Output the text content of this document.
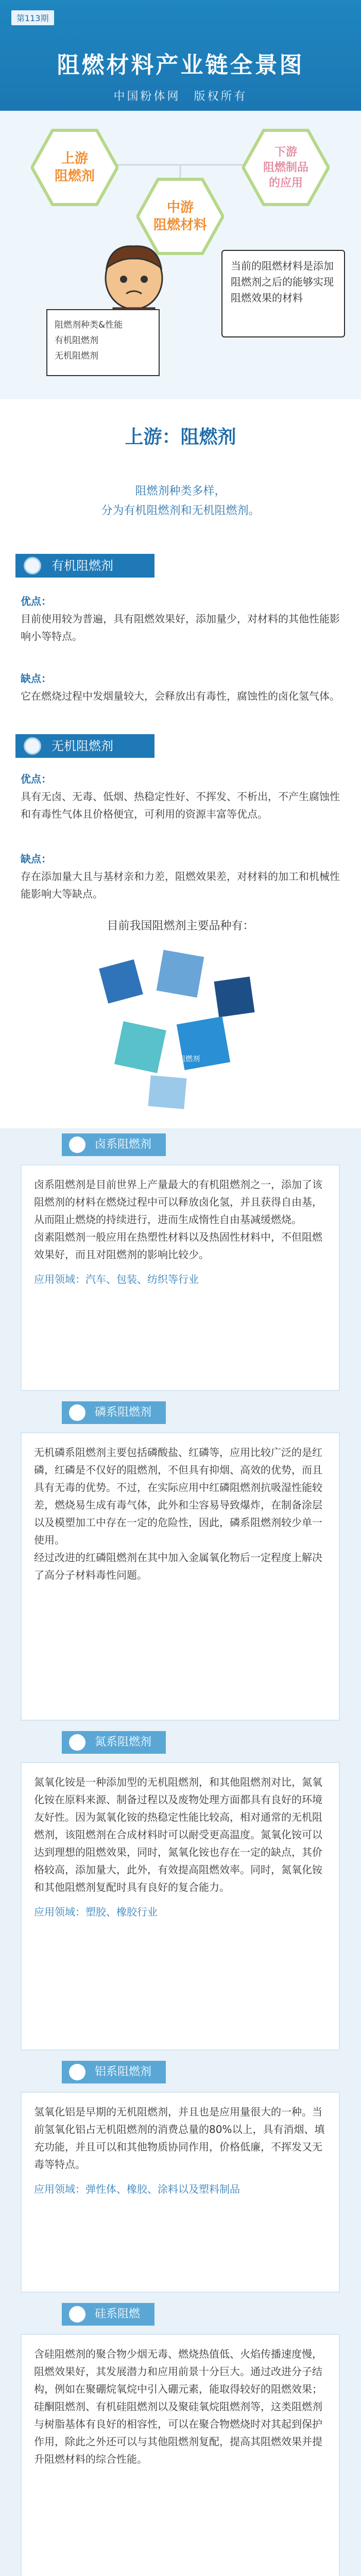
第113期
阻燃材料产业链全景图
中国粉体网　版权所有
上游
阻燃剂
中游
阻燃材料
下游
阻燃制品
的应用
阻燃剂种类&性能
有机阻燃剂
无机阻燃剂
当前的阻燃材料是添加阻燃剂之后的能够实现阻燃效果的材料
上游：阻燃剂
阻燃剂种类多样，
分为有机阻燃剂和无机阻燃剂。
有机阻燃剂
优点：
目前使用较为普遍，具有阻燃效果好，添加量少，对材料的其他性能影响小等特点。
缺点：
它在燃烧过程中发烟量较大，会释放出有毒性，腐蚀性的卤化氢气体。
无机阻燃剂
优点：
具有无卤、无毒、低烟、热稳定性好、不挥发、不析出，不产生腐蚀性和有毒性气体且价格便宜，可利用的资源丰富等优点。
缺点：
存在添加量大且与基材亲和力差，阻燃效果差，对材料的加工和机械性能影响大等缺点。
目前我国阻燃剂主要品种有：
卤系阻燃剂
卤系阻燃剂
卤系阻燃剂是目前世界上产量最大的有机阻燃剂之一，添加了该阻燃剂的材料在燃烧过程中可以释放卤化氢，并且获得自由基，从而阻止燃烧的持续进行，进而生成惰性自由基减缓燃烧。
卤素阻燃剂一般应用在热塑性材料以及热固性材料中，不但阻燃效果好，而且对阻燃剂的影响比较少。
应用领域：汽车、包装、纺织等行业
磷系阻燃剂
无机磷系阻燃剂主要包括磷酸盐、红磷等，应用比较广泛的是红磷，红磷是不仅好的阻燃剂，不但具有抑烟、高效的优势，而且具有无毒的优势。不过，在实际应用中红磷阻燃剂抗吸湿性能较差，燃烧易生成有毒气体，此外和尘容易导致爆炸，在制备涂层以及模塑加工中存在一定的危险性，因此，磷系阻燃剂较少单一使用。
经过改进的红磷阻燃剂在其中加入金属氧化物后一定程度上解决了高分子材料毒性问题。
氮系阻燃剂
氮氧化铵是一种添加型的无机阻燃剂，和其他阻燃剂对比，氮氧化铵在原料来源、制备过程以及废物处理方面都具有良好的环境友好性。因为氮氧化铵的热稳定性能比较高，相对通常的无机阻燃剂，该阻燃剂在合成材料时可以耐受更高温度。氮氧化铵可以达到理想的阻燃效果，同时，氮氧化铵也存在一定的缺点，其价格较高，添加量大，此外，有效提高阻燃效率。同时，氮氧化铵和其他阻燃剂复配时具有良好的复合能力。
应用领域：塑胶、橡胶行业
铝系阻燃剂
氢氧化铝是早期的无机阻燃剂，并且也是应用量很大的一种。当前氢氧化铝占无机阻燃剂的消费总量的80%以上，具有消烟、填充功能，并且可以和其他物质协同作用，价格低廉，不挥发又无毒等特点。
应用领域：弹性体、橡胶、涂料以及塑料制品
硅系阻燃
含硅阻燃剂的聚合物少烟无毒、燃烧热值低、火焰传播速度慢，阻燃效果好，其发展潜力和应用前景十分巨大。通过改进分子结构，例如在聚硼烷氧烷中引入硼元素，能取得较好的阻燃效果；硅酮阻燃剂、有机硅阻燃剂以及聚硅氧烷阻燃剂等，这类阻燃剂与树脂基体有良好的相容性，可以在聚合物燃烧时对其起到保护作用，除此之外还可以与其他阻燃剂复配，提高其阻燃效果并提升阻燃材料的综合性能。
